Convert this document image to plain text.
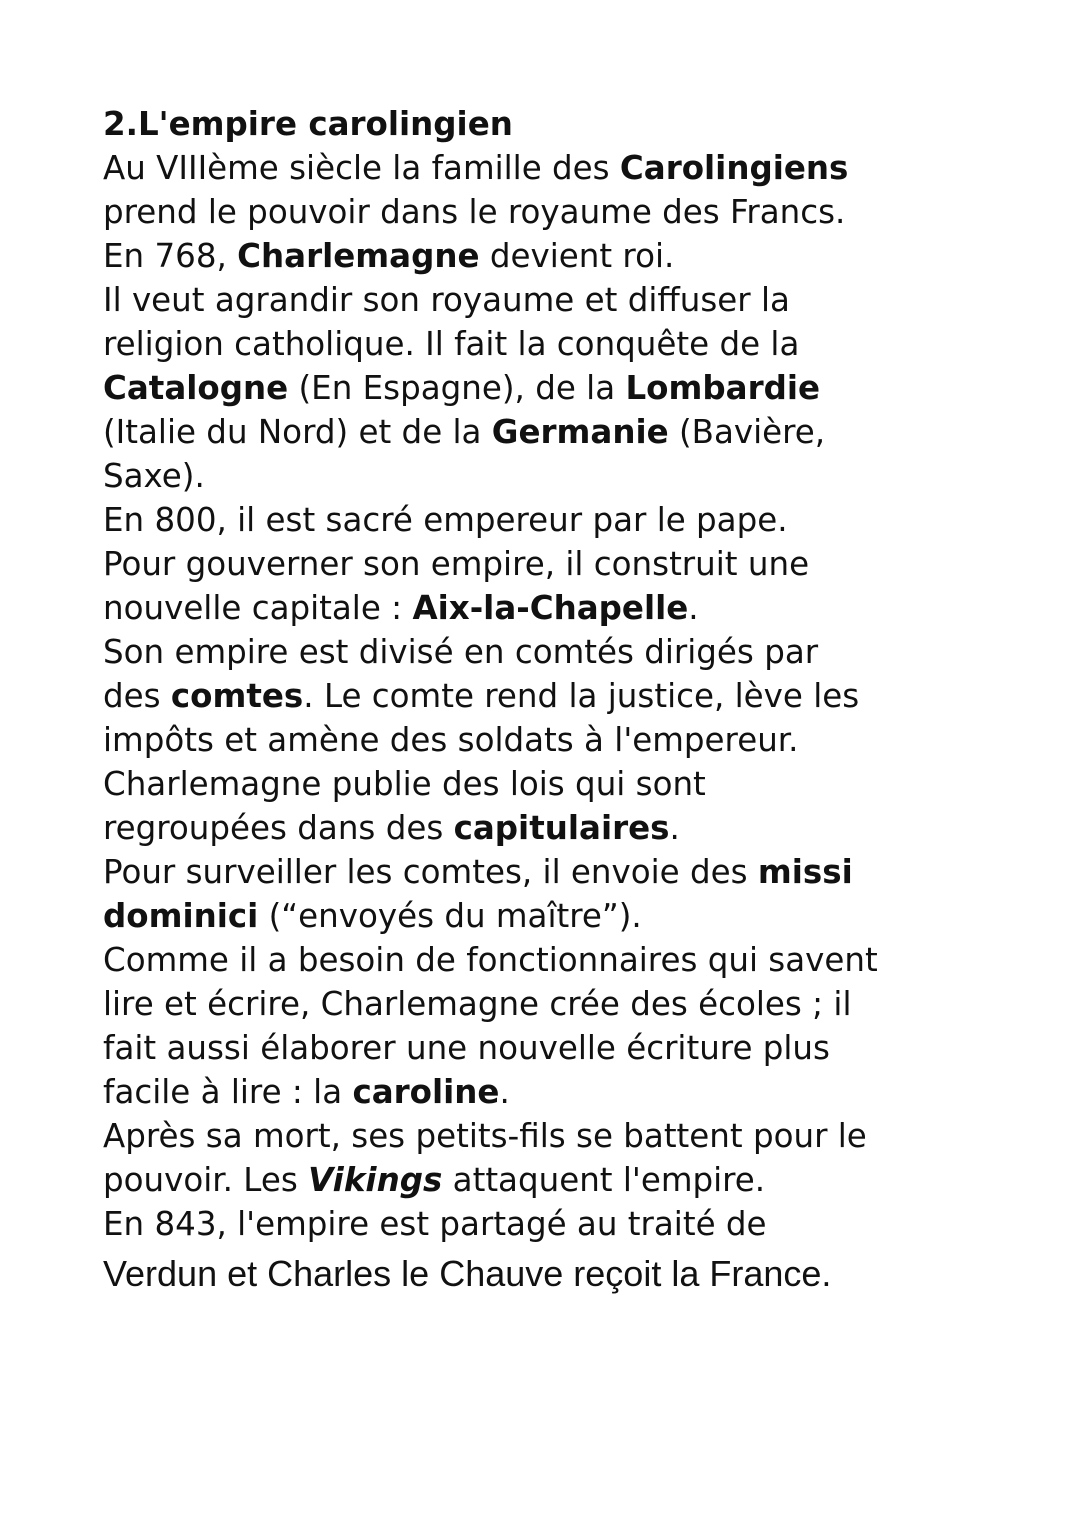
2.L'empire carolingien
Au VIIIème siècle la famille des Carolingiens
prend le pouvoir dans le royaume des Francs.
En 768, Charlemagne devient roi.
Il veut agrandir son royaume et diffuser la
religion catholique. Il fait la conquête de la
Catalogne (En Espagne), de la Lombardie
(Italie du Nord) et de la Germanie (Bavière,
Saxe).
En 800, il est sacré empereur par le pape.
Pour gouverner son empire, il construit une
nouvelle capitale : Aix-la-Chapelle.
Son empire est divisé en comtés dirigés par
des comtes. Le comte rend la justice, lève les
impôts et amène des soldats à l'empereur.
Charlemagne publie des lois qui sont
regroupées dans des capitulaires.
Pour surveiller les comtes, il envoie des missi
dominici (“envoyés du maître”).
Comme il a besoin de fonctionnaires qui savent
lire et écrire, Charlemagne crée des écoles ; il
fait aussi élaborer une nouvelle écriture plus
facile à lire : la caroline.
Après sa mort, ses petits-fils se battent pour le
pouvoir. Les Vikings attaquent l'empire.
En 843, l'empire est partagé au traité de
Verdun et Charles le Chauve reçoit la France.
